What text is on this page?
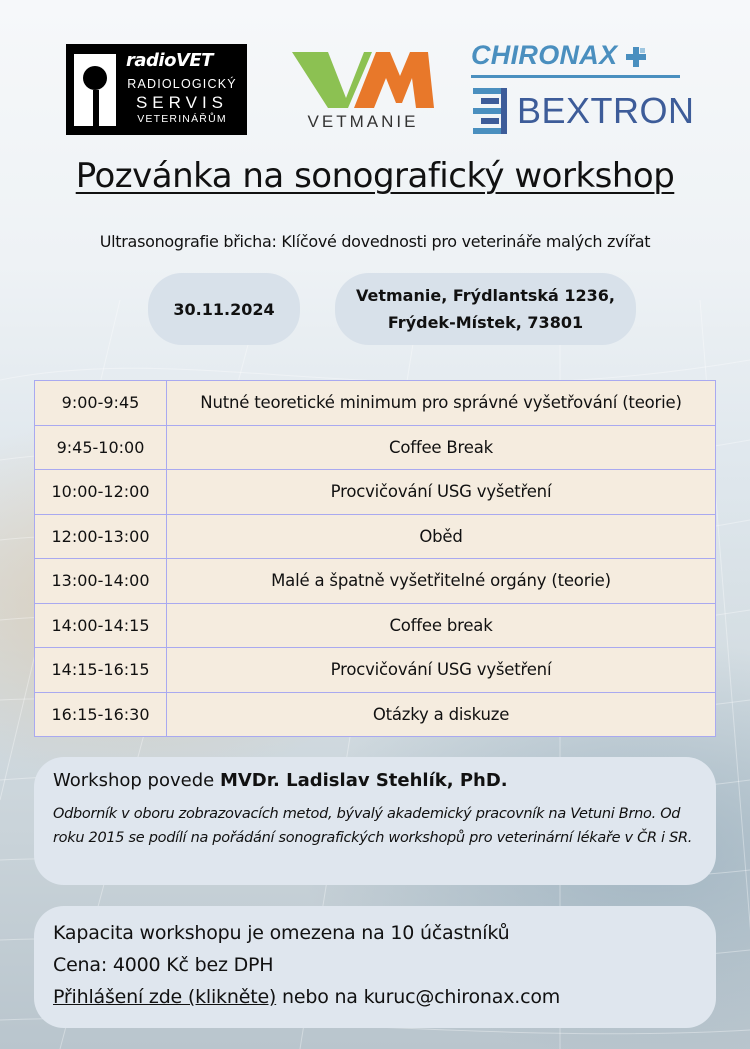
radioVET
RADIOLOGICKÝ
SERVIS
VETERINÁŘŮM	VETMANIE
CHIRONAX
BEXTRON
Pozvánka na sonografický workshop
Ultrasonografie břicha: Klíčové dovednosti pro veterináře malých zvířat
30.11.2024
Vetmanie, Frýdlantská 1236,
Frýdek-Místek, 73801
9:00-9:45	Nutné teoretické minimum pro správné vyšetřování (teorie)
9:45-10:00	Coffee Break
10:00-12:00	Procvičování USG vyšetření
12:00-13:00	Oběd
13:00-14:00	Malé a špatně vyšetřitelné orgány (teorie)
14:00-14:15	Coffee break
14:15-16:15	Procvičování USG vyšetření
16:15-16:30	Otázky a diskuze
Workshop povede MVDr. Ladislav Stehlík, PhD.
Odborník v oboru zobrazovacích metod, bývalý akademický pracovník na Vetuni Brno. Od roku 2015 se podílí na pořádání sonografických workshopů pro veterinární lékaře v ČR i SR.
Kapacita workshopu je omezena na 10 účastníků
Cena: 4000 Kč bez DPH
Přihlášení zde (klikněte) nebo na kuruc@chironax.com
